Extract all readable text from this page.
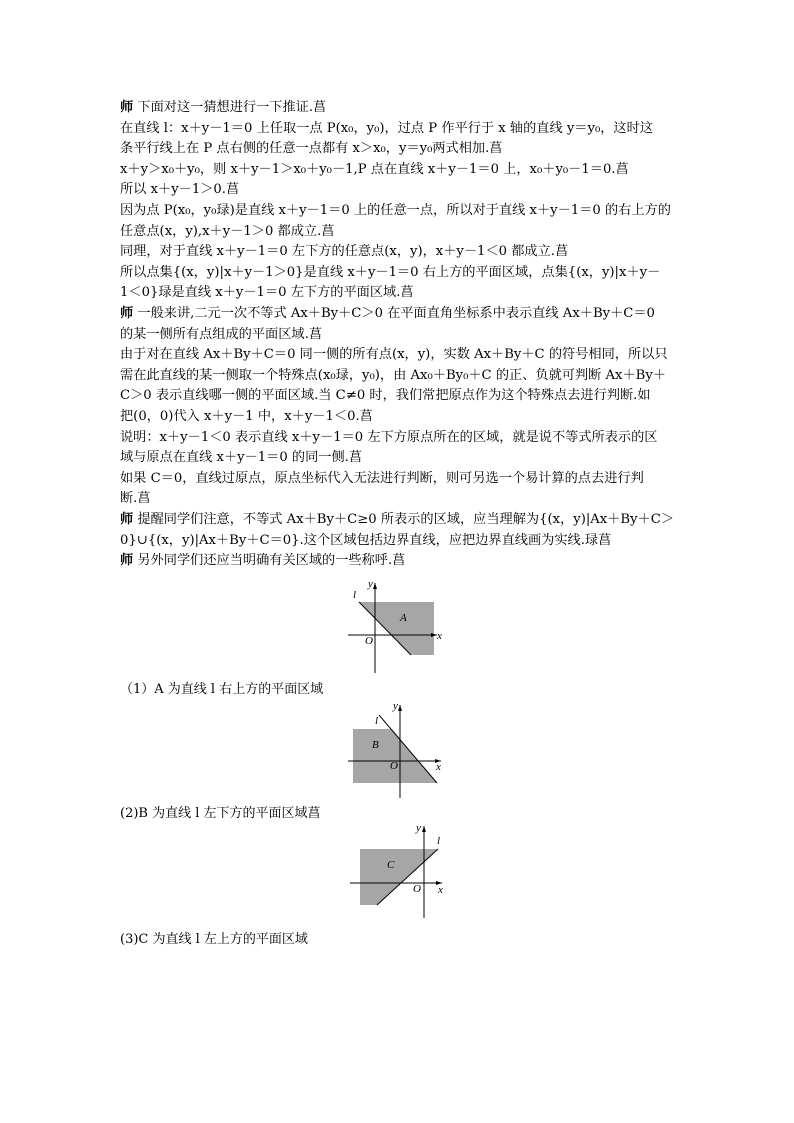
师 下面对这一猜想进行一下推证.菖
在直线 l：x＋y－1＝0 上任取一点 P(x₀，y₀)，过点 P 作平行于 x 轴的直线 y＝y₀，这时这
条平行线上在 P 点右侧的任意一点都有 x＞x₀，y＝y₀两式相加.菖
x＋y＞x₀＋y₀，则 x＋y－1＞x₀＋y₀－1,P 点在直线 x＋y－1＝0 上，x₀＋y₀－1＝0.菖
所以 x＋y－1＞0.菖
因为点 P(x₀，y₀琭)是直线 x＋y－1＝0 上的任意一点，所以对于直线 x＋y－1＝0 的右上方的
任意点(x，y),x＋y－1＞0 都成立.菖
同理，对于直线 x＋y－1＝0 左下方的任意点(x，y)，x＋y－1＜0 都成立.菖
所以点集{(x，y)|x＋y－1＞0}是直线 x＋y－1＝0 右上方的平面区域，点集{(x，y)|x＋y－
1＜0}琭是直线 x＋y－1＝0 左下方的平面区域.菖
师 一般来讲,二元一次不等式 Ax＋By＋C＞0 在平面直角坐标系中表示直线 Ax＋By＋C＝0
的某一侧所有点组成的平面区域.菖
由于对在直线 Ax＋By＋C＝0 同一侧的所有点(x，y)，实数 Ax＋By＋C 的符号相同，所以只
需在此直线的某一侧取一个特殊点(x₀琭，y₀)，由 Ax₀＋By₀＋C 的正、负就可判断 Ax＋By＋
C＞0 表示直线哪一侧的平面区域.当 C≠0 时，我们常把原点作为这个特殊点去进行判断.如
把(0，0)代入 x＋y－1 中，x＋y－1＜0.菖
说明：x＋y－1＜0 表示直线 x＋y－1＝0 左下方原点所在的区域，就是说不等式所表示的区
域与原点在直线 x＋y－1＝0 的同一侧.菖
如果 C＝0，直线过原点，原点坐标代入无法进行判断，则可另选一个易计算的点去进行判
断.菖
师 提醒同学们注意，不等式 Ax＋By＋C≥0 所表示的区域，应当理解为{(x，y)|Ax＋By＋C＞
0}∪{(x，y)|Ax＋By＋C＝0}.这个区域包括边界直线，应把边界直线画为实线.琭菖
师 另外同学们还应当明确有关区域的一些称呼.菖
l
A
O	x
y
（1）A 为直线 l 右上方的平面区域
l
B
O	x
y
(2)B 为直线 l 左下方的平面区域菖
l
C
O x
y
(3)C 为直线 l 左上方的平面区域
